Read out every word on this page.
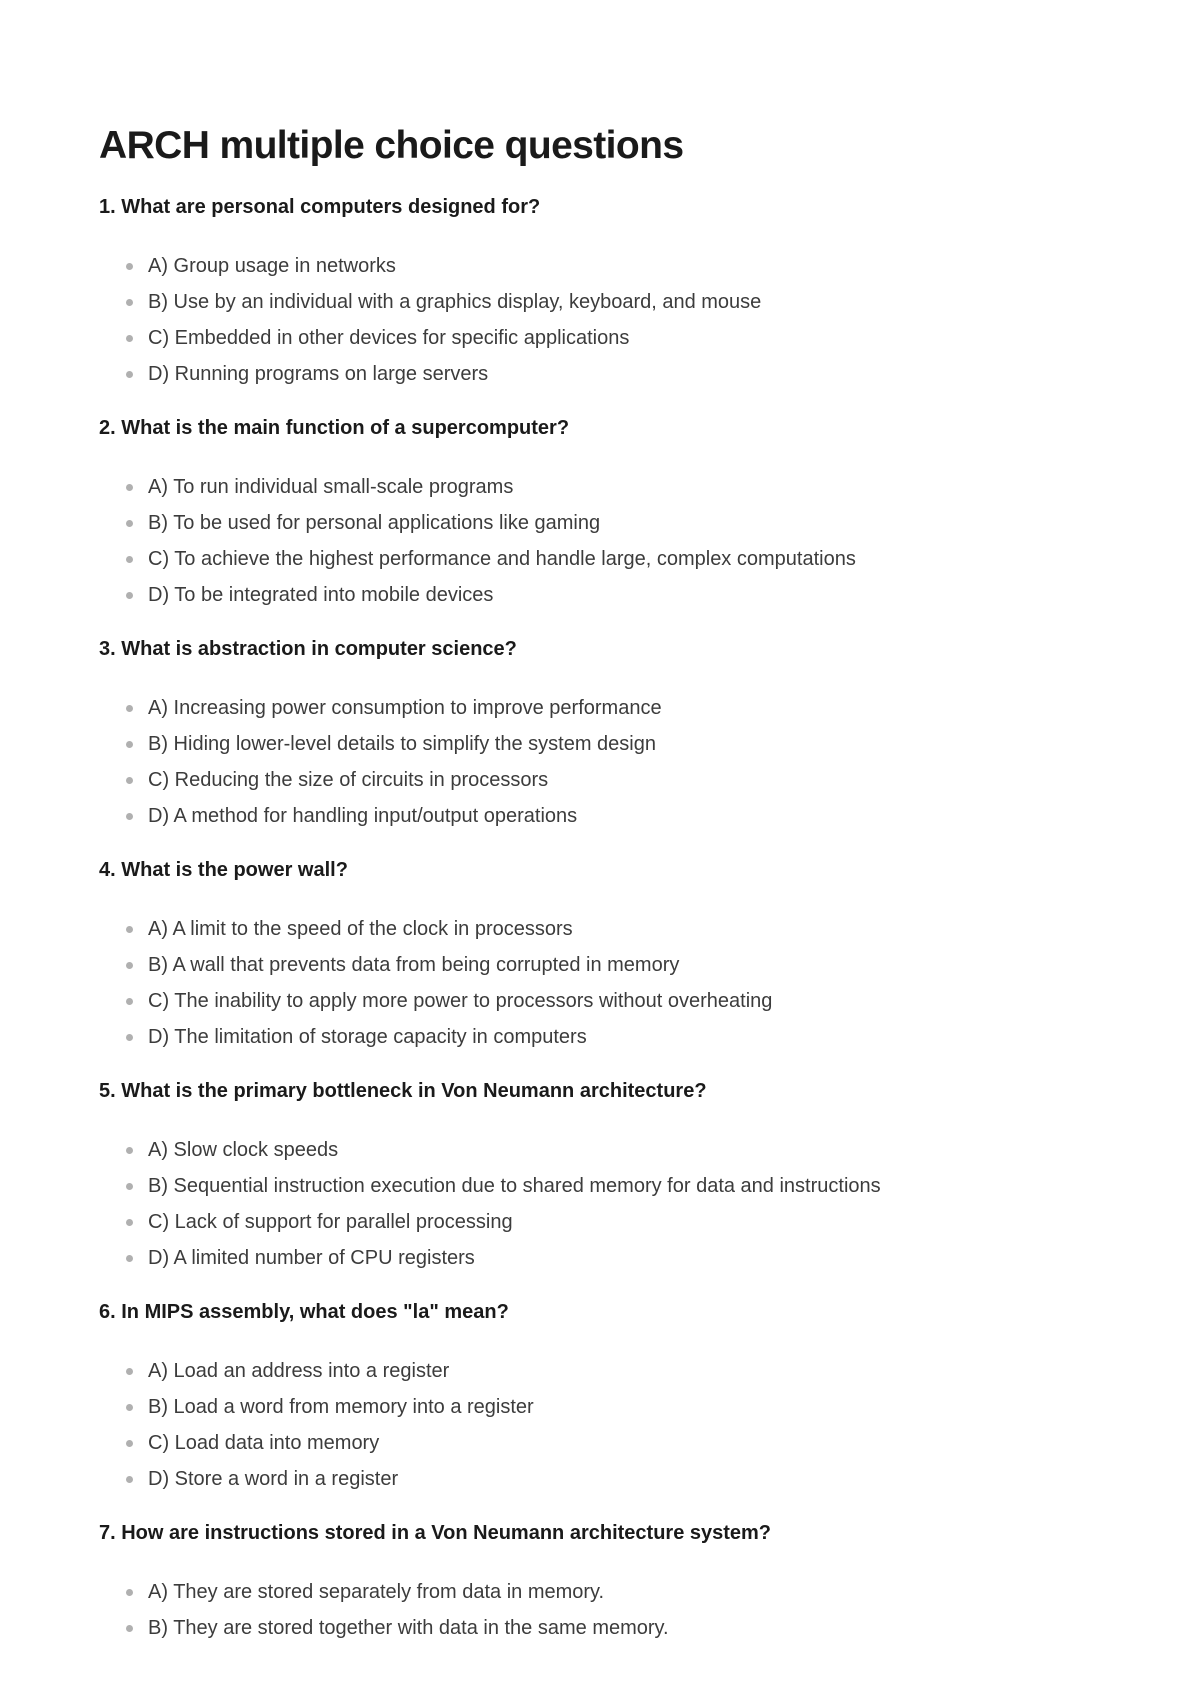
ARCH multiple choice questions

1. What are personal computers designed for?

A) Group usage in networks
B) Use by an individual with a graphics display, keyboard, and mouse
C) Embedded in other devices for specific applications
D) Running programs on large servers

2. What is the main function of a supercomputer?

A) To run individual small-scale programs
B) To be used for personal applications like gaming
C) To achieve the highest performance and handle large, complex computations
D) To be integrated into mobile devices

3. What is abstraction in computer science?

A) Increasing power consumption to improve performance
B) Hiding lower-level details to simplify the system design
C) Reducing the size of circuits in processors
D) A method for handling input/output operations

4. What is the power wall?

A) A limit to the speed of the clock in processors
B) A wall that prevents data from being corrupted in memory
C) The inability to apply more power to processors without overheating
D) The limitation of storage capacity in computers

5. What is the primary bottleneck in Von Neumann architecture?

A) Slow clock speeds
B) Sequential instruction execution due to shared memory for data and instructions
C) Lack of support for parallel processing
D) A limited number of CPU registers

6. In MIPS assembly, what does "la" mean?

A) Load an address into a register
B) Load a word from memory into a register
C) Load data into memory
D) Store a word in a register

7. How are instructions stored in a Von Neumann architecture system?

A) They are stored separately from data in memory.
B) They are stored together with data in the same memory.
